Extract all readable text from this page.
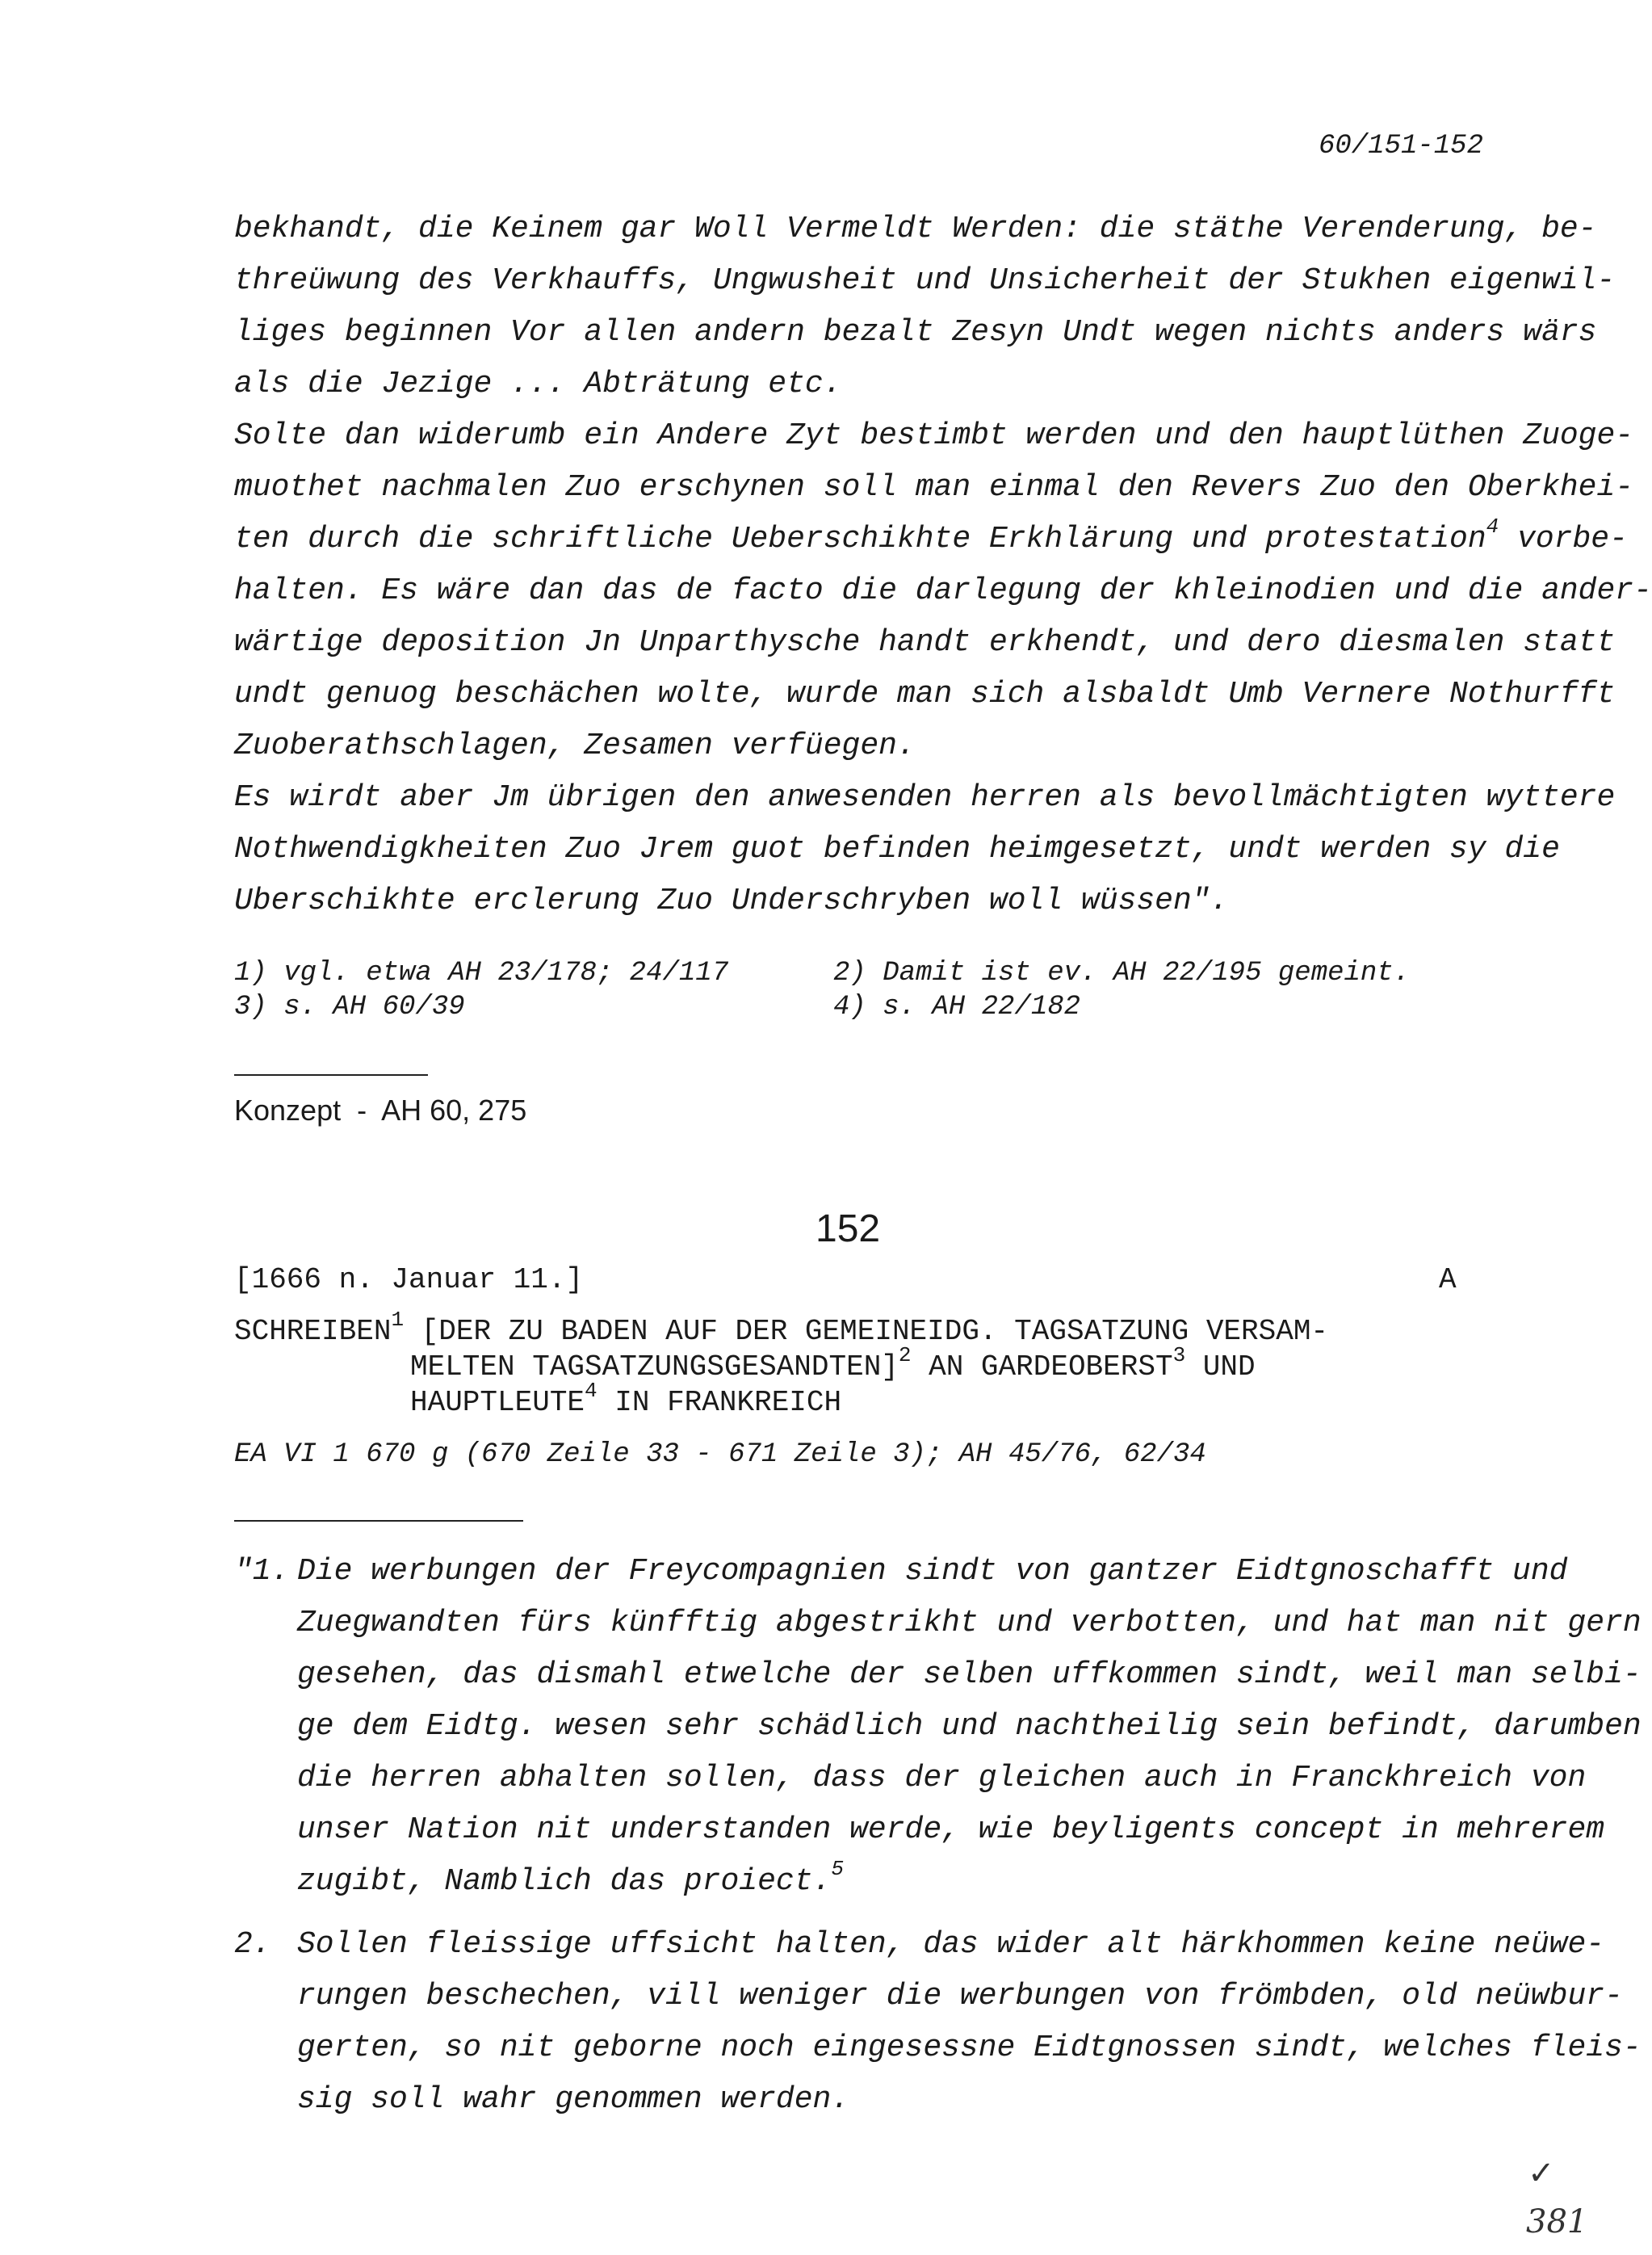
60/151-152
bekhandt, die Keinem gar Woll Vermeldt Werden: die stäthe Verenderung, be-
threüwung des Verkhauffs, Ungwusheit und Unsicherheit der Stukhen eigenwil-
liges beginnen Vor allen andern bezalt Zesyn Undt wegen nichts anders wärs
als die Jezige ... Abträtung etc.
Solte dan widerumb ein Andere Zyt bestimbt werden und den hauptlüthen Zuoge-
muothet nachmalen Zuo erschynen soll man einmal den Revers Zuo den Oberkhei-
ten durch die schriftliche Ueberschikhte Erkhlärung und protestation$^4$ vorbe-
halten. Es wäre dan das de facto die darlegung der khleinodien und die ander-
wärtige deposition Jn Unparthysche handt erkhendt, und dero diesmalen statt
undt genuog beschächen wolte, wurde man sich alsbaldt Umb Vernere Nothurfft
Zuoberathschlagen, Zesamen verfüegen.
Es wirdt aber Jm übrigen den anwesenden herren als bevollmächtigten wyttere
Nothwendigkheiten Zuo Jrem guot befinden heimgesetzt, undt werden sy die
Uberschikhte erclerung Zuo Underschryben woll wüssen".
1) vgl. etwa AH 23/178; 24/117	2) Damit ist ev. AH 22/195 gemeint.
3) s. AH 60/39	4) s. AH 22/182
Konzept  -  AH 60, 275
152
[1666 n. Januar 11.]	A
SCHREIBEN$^1$ [DER ZU BADEN AUF DER GEMEINEIDG. TAGSATZUNG VERSAM-
MELTEN TAGSATZUNGSGESANDTEN]$^2$ AN GARDEOBERST$^3$ UND
HAUPTLEUTE$^4$ IN FRANKREICH
EA VI 1 670 g (670 Zeile 33 - 671 Zeile 3); AH 45/76, 62/34
"1. Die werbungen der Freycompagnien sindt von gantzer Eidtgnoschafft und
Zuegwandten fürs künfftig abgestrikht und verbotten, und hat man nit gern
gesehen, das dismahl etwelche der selben uffkommen sindt, weil man selbi-
ge dem Eidtg. wesen sehr schädlich und nachtheilig sein befindt, darumben
die herren abhalten sollen, dass der gleichen auch in Franckhreich von
unser Nation nit understanden werde, wie beyligents concept in mehrerem
zugibt, Namblich das proiect.$^5$
2. Sollen fleissige uffsicht halten, das wider alt härkhommen keine neüwe-
rungen beschechen, vill weniger die werbungen von frömbden, old neüwbur-
gerten, so nit geborne noch eingesessne Eidtgnossen sindt, welches fleis-
sig soll wahr genommen werden.
✓
381
